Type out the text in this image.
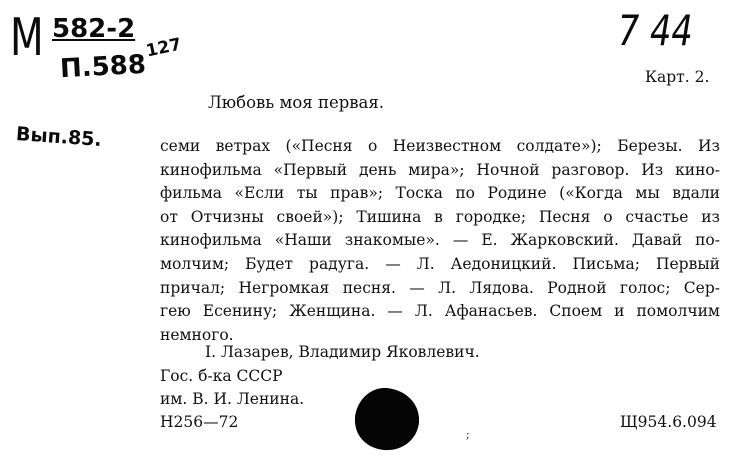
M 582-2
П.588
127	7 44
Вып.85.
Карт. 2.
Любовь моя первая.
семи ветрах («Песня о Неизвестном солдате»); Березы. Из
кинофильма «Первый день мира»; Ночной разговор. Из кино-
фильма «Если ты прав»; Тоска по Родине («Когда мы вдали
от Отчизны своей»); Тишина в городке; Песня о счастье из
кинофильма «Наши знакомые». — Е. Жарковский. Давай по-
молчим; Будет радуга. — Л. Аедоницкий. Письма; Первый
причал; Негромкая песня. — Л. Лядова. Родной голос; Сер-
гею Есенину; Женщина. — Л. Афанасьев. Споем и помолчим
немного.
I. Лазарев, Владимир Яковлевич.
Гос. б-ка СССР
им. В. И. Ленина.
Н256—72
;
Щ954.6.094
